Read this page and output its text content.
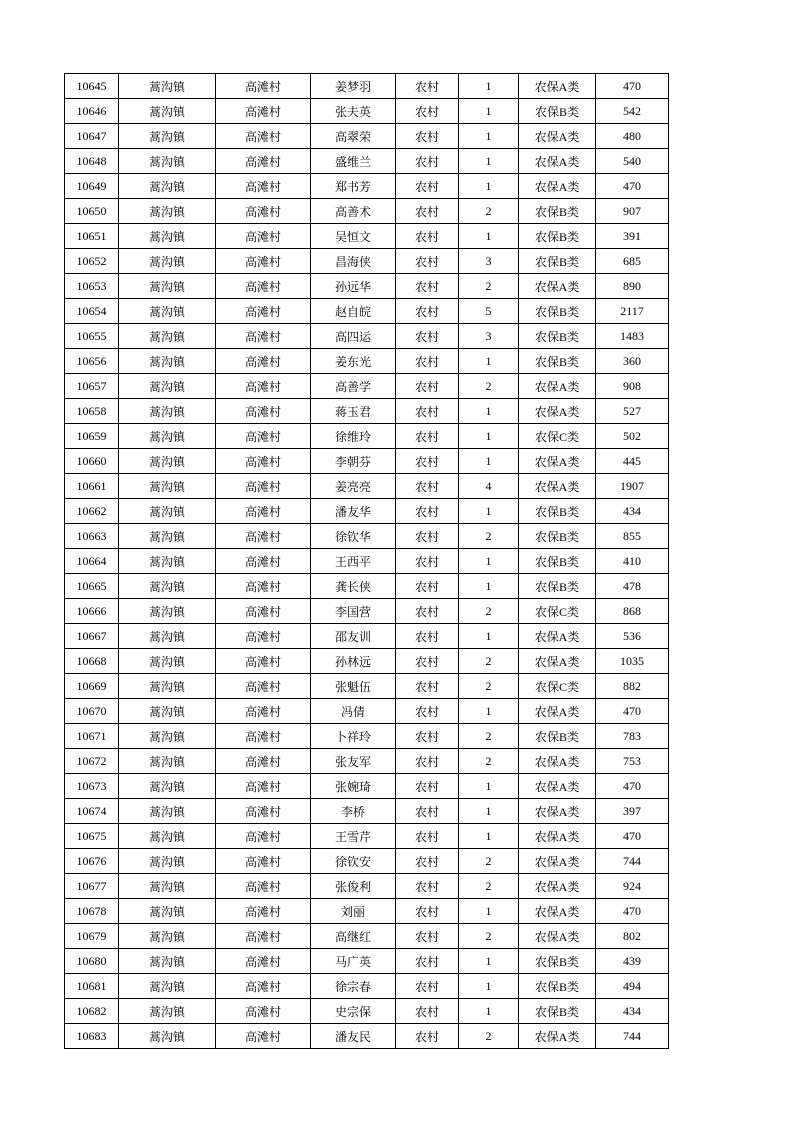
10645	蒿沟镇	高滩村	姜梦羽	农村	1	农保A类	470
10646	蒿沟镇	高滩村	张夫英	农村	1	农保B类	542
10647	蒿沟镇	高滩村	高翠荣	农村	1	农保A类	480
10648	蒿沟镇	高滩村	盛维兰	农村	1	农保A类	540
10649	蒿沟镇	高滩村	郑书芳	农村	1	农保A类	470
10650	蒿沟镇	高滩村	高善术	农村	2	农保B类	907
10651	蒿沟镇	高滩村	吴恒文	农村	1	农保B类	391
10652	蒿沟镇	高滩村	昌海侠	农村	3	农保B类	685
10653	蒿沟镇	高滩村	孙远华	农村	2	农保A类	890
10654	蒿沟镇	高滩村	赵自皖	农村	5	农保B类	2117
10655	蒿沟镇	高滩村	高四运	农村	3	农保B类	1483
10656	蒿沟镇	高滩村	姜东光	农村	1	农保B类	360
10657	蒿沟镇	高滩村	高善学	农村	2	农保A类	908
10658	蒿沟镇	高滩村	蒋玉君	农村	1	农保A类	527
10659	蒿沟镇	高滩村	徐维玲	农村	1	农保C类	502
10660	蒿沟镇	高滩村	李朝芬	农村	1	农保A类	445
10661	蒿沟镇	高滩村	姜亮亮	农村	4	农保A类	1907
10662	蒿沟镇	高滩村	潘友华	农村	1	农保B类	434
10663	蒿沟镇	高滩村	徐钦华	农村	2	农保B类	855
10664	蒿沟镇	高滩村	王西平	农村	1	农保B类	410
10665	蒿沟镇	高滩村	龚长侠	农村	1	农保B类	478
10666	蒿沟镇	高滩村	李国营	农村	2	农保C类	868
10667	蒿沟镇	高滩村	邵友训	农村	1	农保A类	536
10668	蒿沟镇	高滩村	孙林远	农村	2	农保A类	1035
10669	蒿沟镇	高滩村	张魁伍	农村	2	农保C类	882
10670	蒿沟镇	高滩村	冯倩	农村	1	农保A类	470
10671	蒿沟镇	高滩村	卜祥玲	农村	2	农保B类	783
10672	蒿沟镇	高滩村	张友军	农村	2	农保A类	753
10673	蒿沟镇	高滩村	张婉琦	农村	1	农保A类	470
10674	蒿沟镇	高滩村	李桥	农村	1	农保A类	397
10675	蒿沟镇	高滩村	王雪芹	农村	1	农保A类	470
10676	蒿沟镇	高滩村	徐钦安	农村	2	农保A类	744
10677	蒿沟镇	高滩村	张俊利	农村	2	农保A类	924
10678	蒿沟镇	高滩村	刘丽	农村	1	农保A类	470
10679	蒿沟镇	高滩村	高继红	农村	2	农保A类	802
10680	蒿沟镇	高滩村	马广英	农村	1	农保B类	439
10681	蒿沟镇	高滩村	徐宗春	农村	1	农保B类	494
10682	蒿沟镇	高滩村	史宗保	农村	1	农保B类	434
10683	蒿沟镇	高滩村	潘友民	农村	2	农保A类	744
